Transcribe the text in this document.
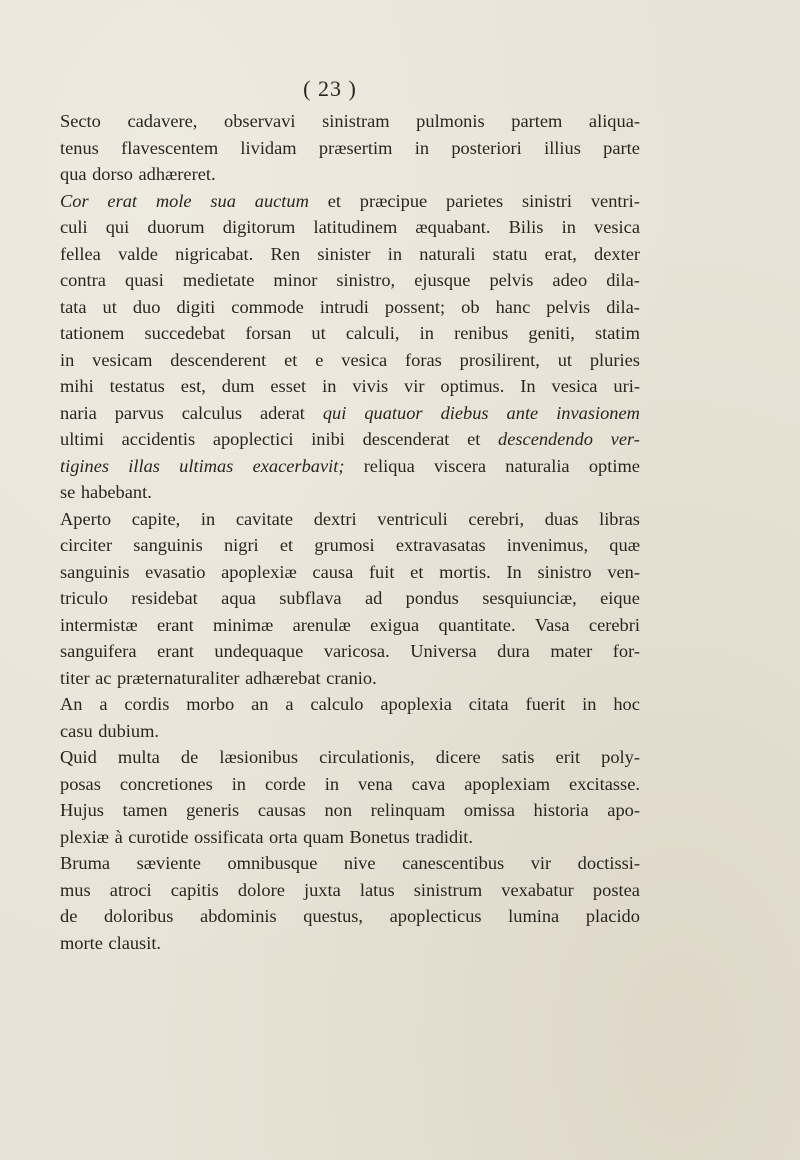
( 23 )
Secto cadavere, observavi sinistram pulmonis partem aliqua-
tenus flavescentem lividam præsertim in posteriori illius parte
qua dorso adhæreret.
Cor erat mole sua auctum et præcipue parietes sinistri ventri-
culi qui duorum digitorum latitudinem æquabant. Bilis in vesica
fellea valde nigricabat. Ren sinister in naturali statu erat, dexter
contra quasi medietate minor sinistro, ejusque pelvis adeo dila-
tata ut duo digiti commode intrudi possent; ob hanc pelvis dila-
tationem succedebat forsan ut calculi, in renibus geniti, statim
in vesicam descenderent et e vesica foras prosilirent, ut pluries
mihi testatus est, dum esset in vivis vir optimus. In vesica uri-
naria parvus calculus aderat qui quatuor diebus ante invasionem
ultimi accidentis apoplectici inibi descenderat et descendendo ver-
tigines illas ultimas exacerbavit; reliqua viscera naturalia optime
se habebant.
Aperto capite, in cavitate dextri ventriculi cerebri, duas libras
circiter sanguinis nigri et grumosi extravasatas invenimus, quæ
sanguinis evasatio apoplexiæ causa fuit et mortis. In sinistro ven-
triculo residebat aqua subflava ad pondus sesquiunciæ, eique
intermistæ erant minimæ arenulæ exigua quantitate. Vasa cerebri
sanguifera erant undequaque varicosa. Universa dura mater for-
titer ac præternaturaliter adhærebat cranio.
An a cordis morbo an a calculo apoplexia citata fuerit in hoc
casu dubium.
Quid multa de læsionibus circulationis, dicere satis erit poly-
posas concretiones in corde in vena cava apoplexiam excitasse.
Hujus tamen generis causas non relinquam omissa historia apo-
plexiæ à curotide ossificata orta quam Bonetus tradidit.
Bruma sæviente omnibusque nive canescentibus vir doctissi-
mus atroci capitis dolore juxta latus sinistrum vexabatur postea
de doloribus abdominis questus, apoplecticus lumina placido
morte clausit.
